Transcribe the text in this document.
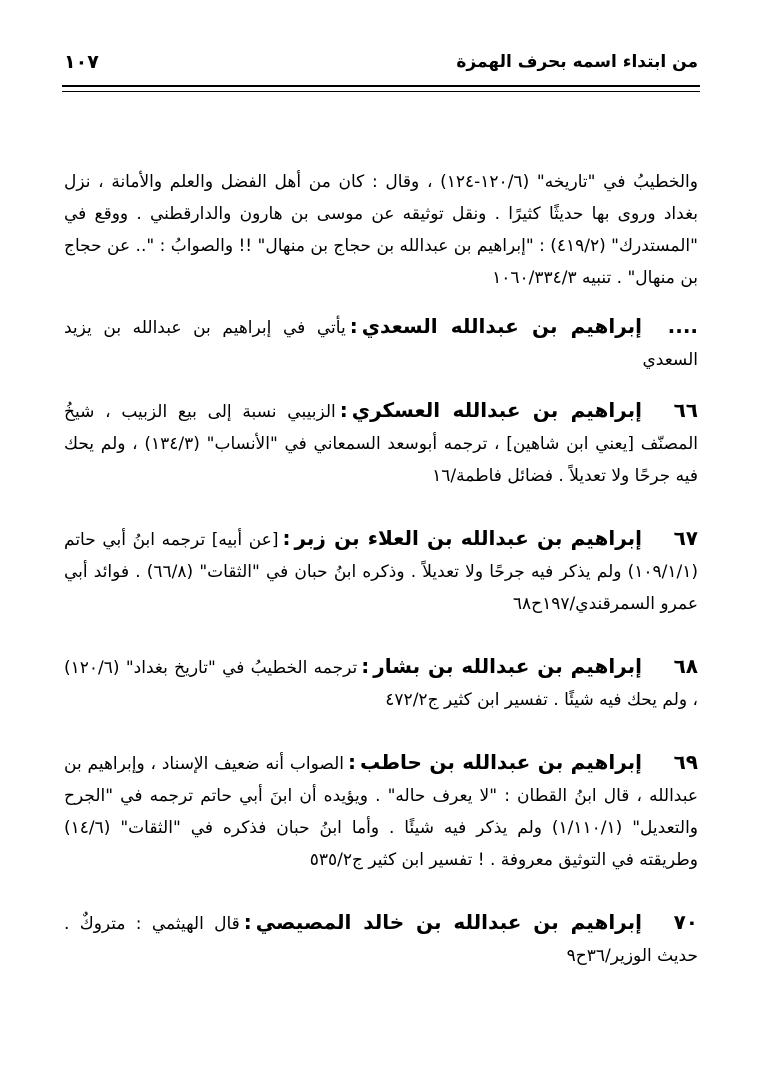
من ابتداء اسمه بحرف الهمزة
١٠٧

والخطيبُ في "تاريخه" (١٢٠/٦-١٢٤) ، وقال : كان من أهل الفضل والعلم والأمانة ، نزل بغداد وروى بها حديثًا كثيرًا . ونقل توثيقه عن موسى بن هارون والدارقطني . ووقع في "المستدرك" (٤١٩/٢) : "إبراهيم بن عبدالله بن حجاج بن منهال" !! والصوابُ : ".. عن حجاج بن منهال" . تنبيه ١٠٦٠/٣٣٤/٣

....إبراهيم بن عبدالله السعدي:يأتي في إبراهيم بن عبدالله بن يزيد السعدي

٦٦إبراهيم بن عبدالله العسكري:الزبيبي نسبة إلى بيع الزبيب ، شيخُ المصنّف [يعني ابن شاهين] ، ترجمه أبوسعد السمعاني في "الأنساب" (١٣٤/٣) ، ولم يحك فيه جرحًا ولا تعديلاً . فضائل فاطمة/١٦

٦٧إبراهيم بن عبدالله بن العلاء بن زبر:[عن أبيه] ترجمه ابنُ أبي حاتم (١٠٩/١/١) ولم يذكر فيه جرحًا ولا تعديلاً . وذكره ابنُ حبان في "الثقات" (٦٦/٨) . فوائد أبي عمرو السمرقندي/١٩٧ح٦٨

٦٨إبراهيم بن عبدالله بن بشار:ترجمه الخطيبُ في "تاريخ بغداد" (١٢٠/٦) ، ولم يحك فيه شيئًا . تفسير ابن كثير ج٤٧٢/٢

٦٩إبراهيم بن عبدالله بن حاطب:الصواب أنه ضعيف الإسناد ، وإبراهيم بن عبدالله ، قال ابنُ القطان : "لا يعرف حاله" . ويؤيده أن ابنَ أبي حاتم ترجمه في "الجرح والتعديل" (١/١١٠/١) ولم يذكر فيه شيئًا . وأما ابنُ حبان فذكره في "الثقات" (١٤/٦) وطريقته في التوثيق معروفة . ! تفسير ابن كثير ج٥٣٥/٢

٧٠إبراهيم بن عبدالله بن خالد المصيصي:قال الهيثمي : متروكٌ . حديث الوزير/٣٦ح٩
